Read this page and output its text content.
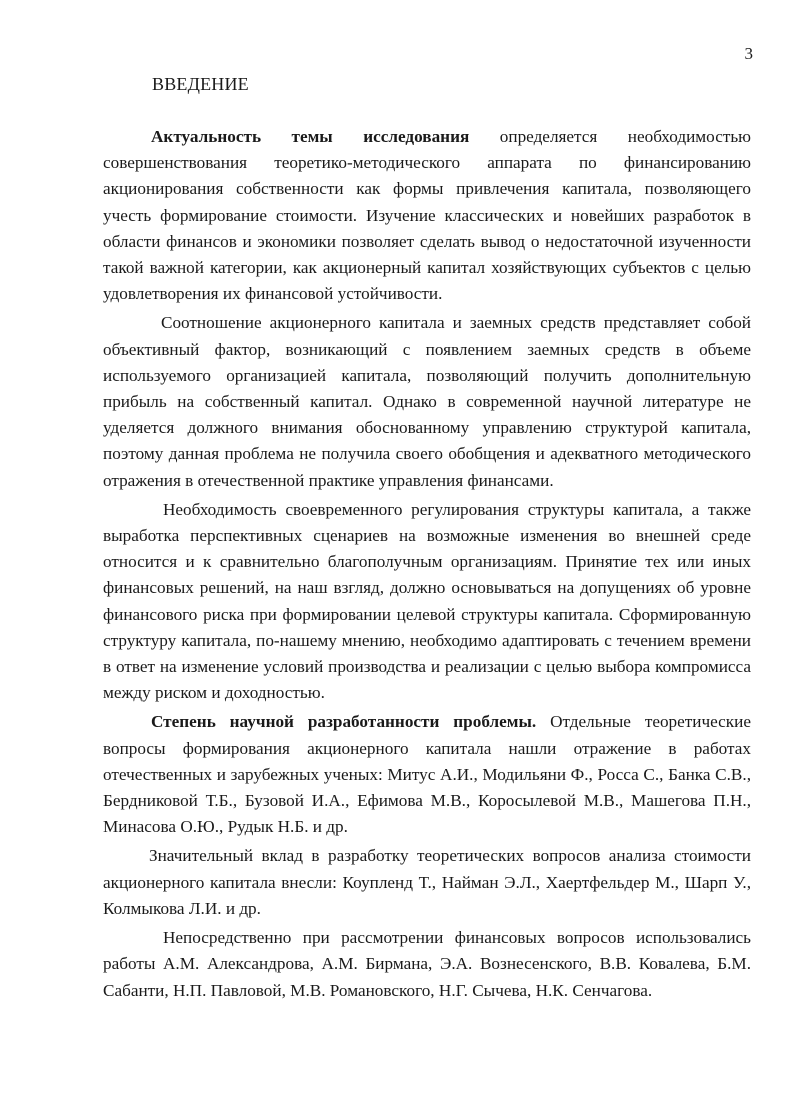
3
ВВЕДЕНИЕ

Актуальность темы исследования определяется необходимостью совершенствования теоретико-методического аппарата по финансированию акционирования собственности как формы привлечения капитала, позволяющего учесть формирование стоимости. Изучение классических и новейших разработок в области финансов и экономики позволяет сделать вывод о недостаточной изученности такой важной категории, как акционерный капитал хозяйствующих субъектов с целью удовлетворения их финансовой устойчивости.

Соотношение акционерного капитала и заемных средств представляет собой объективный фактор, возникающий с появлением заемных средств в объеме используемого организацией капитала, позволяющий получить дополнительную прибыль на собственный капитал. Однако в современной научной литературе не уделяется должного внимания обоснованному управлению структурой капитала, поэтому данная проблема не получила своего обобщения и адекватного методического отражения в отечественной практике управления финансами.

Необходимость своевременного регулирования структуры капитала, а также выработка перспективных сценариев на возможные изменения во внешней среде относится и к сравнительно благополучным организациям. Принятие тех или иных финансовых решений, на наш взгляд, должно основываться на допущениях об уровне финансового риска при формировании целевой структуры капитала. Сформированную структуру капитала, по-нашему мнению, необходимо адаптировать с течением времени в ответ на изменение условий производства и реализации с целью выбора компромисса между риском и доходностью.

Степень научной разработанности проблемы. Отдельные теоретические вопросы формирования акционерного капитала нашли отражение в работах отечественных и зарубежных ученых: Митус А.И., Модильяни Ф., Росса С., Банка С.В., Бердниковой Т.Б., Бузовой И.А., Ефимова М.В., Коросылевой М.В., Машегова П.Н., Минасова О.Ю., Рудык Н.Б. и др.

Значительный вклад в разработку теоретических вопросов анализа стоимости акционерного капитала внесли: Коупленд Т., Найман Э.Л., Хаертфельдер М., Шарп У., Колмыкова Л.И. и др.

Непосредственно при рассмотрении финансовых вопросов использовались работы А.М. Александрова, А.М. Бирмана, Э.А. Вознесенского, В.В. Ковалева, Б.М. Сабанти, Н.П. Павловой, М.В. Романовского, Н.Г. Сычева, Н.К. Сенчагова.
